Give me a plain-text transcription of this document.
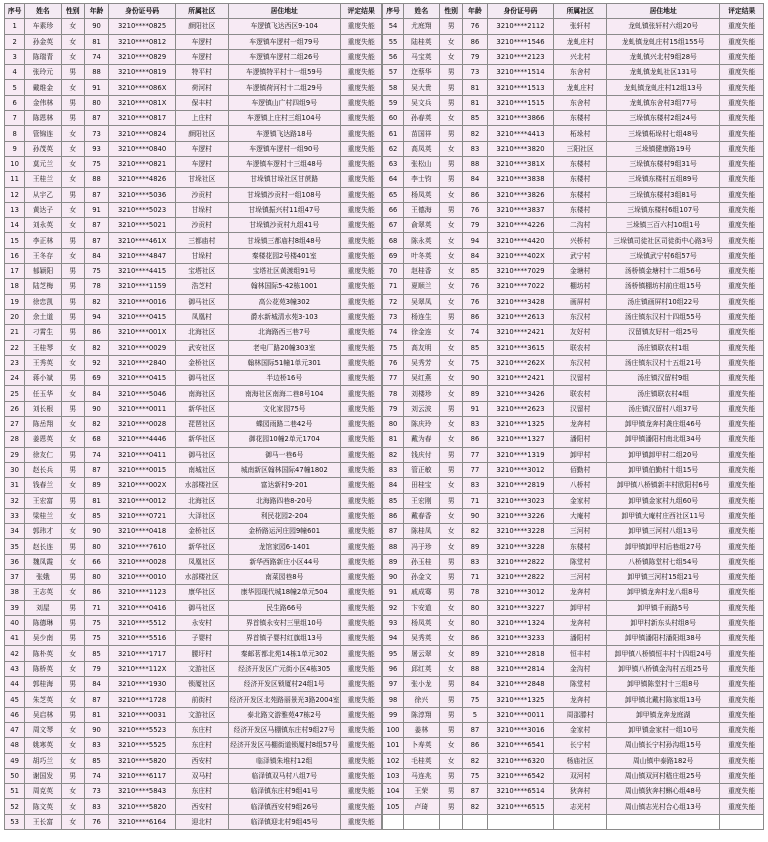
序号	姓名	性别	年龄	身份证号码	所属社区	居住地址	评定结果		序号	姓名	性别	年龄	身份证号码	所属社区	居住地址	评定结果
1	车素珍	女	90	3210****0825	颜阳社区	车逻镇飞达西区9-104	重度失能		54	尤庭翔	男	76	3210****2112	张轩村	龙虬镇张轩村六组20号	重度失能
2	孙金英	女	81	3210****0812	车逻村	车逻镇车逻村一组79号	重度失能		55	陆桂英	女	86	3210****1546	龙虬庄村	龙虬镇龙虬庄村15组155号	重度失能
3	陈瑞青	女	74	3210****0829	车逻村	车逻镇车逻村二组26号	重度失能		56	马宝英	女	79	3210****2123	兴北村	龙虬镇兴北村9组28号	重度失能
4	张玲元	男	88	3210****0819	特平村	车逻镇特平村十一组59号	重度失能		57	迮蔡华	男	73	3210****1514	东舍村	龙虬镇龙虬社区131号	重度失能
5	戴维金	女	91	3210****086X	荷河村	车逻镇荷河村十二组29号	重度失能		58	吴大贵	男	81	3210****1513	龙虬庄村	龙虬镇龙虬庄村12组13号	重度失能
6	金伟林	男	80	3210****081X	保丰村	车逻镇山广村四组9号	重度失能		59	吴文兵	男	81	3210****1515	东舍村	龙虬镇东舍村3组77号	重度失能
7	陈恩林	男	87	3210****0817	上庄村	车逻镇上庄村三组104号	重度失能		60	孙春英	女	85	3210****3866	东楼村	三垛镇东楼村2组24号	重度失能
8	管锦连	女	73	3210****0824	颜阳社区	车逻镇飞达路18号	重度失能		61	苗国祥	男	82	3210****4413	柘垛村	三垛镇柘垛村七组48号	重度失能
9	孙茂英	女	93	3210****0840	车逻村	车逻镇车逻村一组90号	重度失能		62	高凤英	女	83	3210****3820	三阳社区	三垛镇健康路19号	重度失能
10	莫元兰	女	75	3210****0821	车逻村	车逻镇车逻村十三组48号	重度失能		63	张松山	男	88	3210****381X	东楼村	三垛镇东楼村9组31号	重度失能
11	王桂兰	女	88	3210****4826	甘垛社区	甘垛镇甘垛社区甘蔗路	重度失能		64	李士钧	男	84	3210****3838	东楼村	三垛镇东楼村五组89号	重度失能
12	从宇乙	男	87	3210****5036	沙贡村	甘垛镇沙贡村一组108号	重度失能		65	杨凤英	女	86	3210****3826	东楼村	三垛镇东楼村3组81号	重度失能
13	黄达子	女	91	3210****5023	甘垛村	甘垛镇振兴村11组47号	重度失能		66	王德海	男	76	3210****3837	东楼村	三垛镇东楼村6组107号	重度失能
14	刘永英	女	87	3210****5021	沙贡村	甘垛镇沙贡村九组41号	重度失能		67	俞翠英	女	79	3210****4226	二沟村	三垛镇三百六村10组1号	重度失能
15	李正林	男	87	3210****461X	三都庙村	甘垛镇三都庙村8组48号	重度失能		68	陈永英	女	94	3210****4420	兴桥村	三垛镇司徒社区司徒街中心路3号	重度失能
16	王冬存	女	84	3210****4847	甘垛村	秦楼花园2号楼401室	重度失能		69	叶冬英	女	84	3210****402X	武宁村	三垛镇武宁村6组57号	重度失能
17	郁颖阳	男	75	3210****4415	宝塔社区	宝塔社区黄渡组91号	重度失能		70	赵桂香	女	85	3210****7029	金塘村	汤桥镇金塘村十二组56号	重度失能
18	陆芝梅	男	78	3210****1159	浩芝村	翰林国际5-42栋1001	重度失能		71	夏顺兰	女	76	3210****7022	棚坊村	汤桥镇棚坊村前庄组15号	重度失能
19	徐忠凯	男	82	3210****0016	御马社区	高公花苑3幢302	重度失能		72	吴翠凤	女	76	3210****3428	画屏村	汤庄镇画屏村10组22号	重度失能
20	余土道	男	94	3210****0415	凤凰村	爵水新城清水苑3-103	重度失能		73	杨连生	男	86	3210****2613	东汉村	汤庄镇东汉村十四组55号	重度失能
21	刁霄生	男	86	3210****001X	北海社区	北海路西三巷7号	重度失能		74	徐金连	女	74	3210****2421	友好村	汉留镇友好村一组25号	重度失能
22	王桂琴	女	82	3210****0029	武安社区	老电厂路20幢303室	重度失能		75	高友明	女	85	3210****3615	联农村	汤庄镇联农村1组	重度失能
23	王秀英	女	92	3210****2840	金桥社区	翰林国际51幢1单元301	重度失能		76	吴秀芳	女	75	3210****262X	东汉村	汤庄镇东汉村十五组21号	重度失能
24	蒋小斌	男	69	3210****0415	御马社区	半边桥16号	重度失能		77	吴红燕	女	90	3210****2421	汉留村	汤庄镇汉留村9组	重度失能
25	任玉华	女	84	3210****5046	南海社区	南海社区南海二巷8号104	重度失能		78	刘楼珍	女	89	3210****3426	联农村	汤庄镇联农村4组	重度失能
26	刘长根	男	90	3210****0011	新华社区	文化家园75号	重度失能		79	刘云波	男	91	3210****2623	汉留村	汤庄镇汉留村八组37号	重度失能
27	陈岳翔	女	82	3210****0028	琵琶社区	蝶园雨路二巷42号	重度失能		80	陈庆玲	女	83	3210****1325	龙奔村	卸甲镇龙奔村龚庄组46号	重度失能
28	姜恩英	女	68	3210****4446	新华社区	御花园10幢2单元1704	重度失能		81	戴为春	女	86	3210****1327	潘阳村	卸甲镇潘阳村南北组34号	重度失能
29	徐友仁	男	74	3210****0411	御马社区	御马一巷6号	重度失能		82	钱庆付	男	77	3210****1319	卸甲村	卸甲镇卸甲村二组20号	重度失能
30	赵长兵	男	87	3210****0015	南城社区	城南新区翰林国际47幢1802	重度失能		83	管正敏	男	77	3210****3012	佰勤村	卸甲镇伯勤村十组15号	重度失能
31	钱春兰	女	89	3210****002X	水部楼社区	富达新村9-201	重度失能		84	田桂宝	女	83	3210****2819	八桥村	卸甲镇八桥镇新丰村欧阳村6号	重度失能
32	王宏富	男	81	3210****0012	北海社区	北海路四巷8-20号	重度失能		85	王宏刚	男	71	3210****3023	金家村	卸甲镇金家村九组60号	重度失能
33	梁桂兰	女	85	3210****0721	大泽社区	利民花园2-204	重度失能		86	戴春香	女	90	3210****3226	大庵村	卸甲镇大庵村庄西社区11号	重度失能
34	郭玮才	女	90	3210****0418	金桥社区	金桥路运河庄园9幢601	重度失能		87	陈桂凤	女	82	3210****3228	三河村	卸甲镇三河村八组13号	重度失能
35	赵长连	男	80	3210****7610	新华社区	龙馆家园6-1401	重度失能		88	冯于珍	女	89	3210****3228	东楼村	卸甲镇卸甲村后巷组27号	重度失能
36	魏凤霞	女	66	3210****0028	凤凰社区	新华西路新庄小区44号	重度失能		89	孙玉桂	男	83	3210****2822	陈堂村	八桥镇陈堂村七组54号	重度失能
37	张娥	男	80	3210****0010	水部楼社区	南菜园巷8号	重度失能		90	孙金文	男	71	3210****2822	三河村	卸甲镇三河村15组21号	重度失能
38	王志英	女	86	3210****1123	康华社区	康华园现代城18幢2单元504	重度失能		91	戚成骞	男	78	3210****3012	龙奔村	卸甲镇龙奔村龙八组8号	重度失能
39	刘屋	男	71	3210****0416	御马社区	民生路66号	重度失能		92	卞安道	女	80	3210****3227	卸甲村	卸甲镇千雨路5号	重度失能
40	陈德琳	男	75	3210****5512	永安村	界首镇永安村三里组10号	重度失能		93	杨凤英	女	80	3210****1324	龙奔村	卸甲村新东头村组8号	重度失能
41	吴少南	男	75	3210****5516	子婴村	界首镇子婴村红旗组13号	重度失能		94	吴秀英	女	86	3210****3233	潘阳村	卸甲镇潘阳村潘阳组38号	重度失能
42	陈朴英	女	85	3210****1717	腰圩村	秦邮茗都北苑14栋1单元302	重度失能		95	屠云翠	女	89	3210****2818	恒丰村	卸甲镇八桥镇恒丰村十四组24号	重度失能
43	陈桥英	女	79	3210****112X	文游社区	经济开发区广元街小区4栋305	重度失能		96	邱红英	女	88	3210****2814	金沟村	卸甲镇八桥镇金沟村五组25号	重度失能
44	郭桂海	男	84	3210****1930	锁厦社区	经济开发区锁厦村24组1号	重度失能		97	张小龙	男	84	3210****2848	陈堂村	卸甲镇陈堂村十三组8号	重度失能
45	朱芝英	女	87	3210****1728	前街村	经济开发区北苑路丽景光3路2004室	重度失能		98	徐兴	男	75	3210****1325	龙奔村	卸甲镇北戴村陈家组13号	重度失能
46	吴启林	男	81	3210****0031	文游社区	泰北路文游雅苑47栋2号	重度失能		99	陈淳翔	男	5	3210****0011	周邵滕村	卸甲镇龙奔龙庭湖	重度失能
47	周文琴	女	90	3210****5523	东庄村	经济开发区马棚镇东庄村9组27号	重度失能		100	姜林	男	87	3210****3016	金家村	卸甲镇金家村一组10号	重度失能
48	姚寒英	女	83	3210****5525	东庄村	经济开发区马棚街道锁厦村8组57号	重度失能		101	卜寿英	女	86	3210****6541	长宁村	周山镇长宁村孙沟组15号	重度失能
49	胡巧兰	女	85	3210****5820	西安村	临泽镇朱堆村12组	重度失能		102	毛桂英	女	82	3210****6320	杨庙社区	周山镇中泰路182号	重度失能
50	谢国发	男	74	3210****6117	双马村	临泽镇双马村八组7号	重度失能		103	马连兆	男	75	3210****6542	双河村	周山镇双河村嵇庄组25号	重度失能
51	周克英	女	73	3210****5843	东庄村	临泽镇东庄村9组41号	重度失能		104	王荣	男	87	3210****6514	狄奔村	周山镇狄奔村蝌心组48号	重度失能
52	陈文英	女	83	3210****5820	西安村	临泽镇西安村9组26号	重度失能		105	卢琦	男	82	3210****6515	志光村	周山镇志光村合心组13号	重度失能
53	王长富	女	76	3210****6164	迎北村	临泽镇迎北村9组45号	重度失能									
